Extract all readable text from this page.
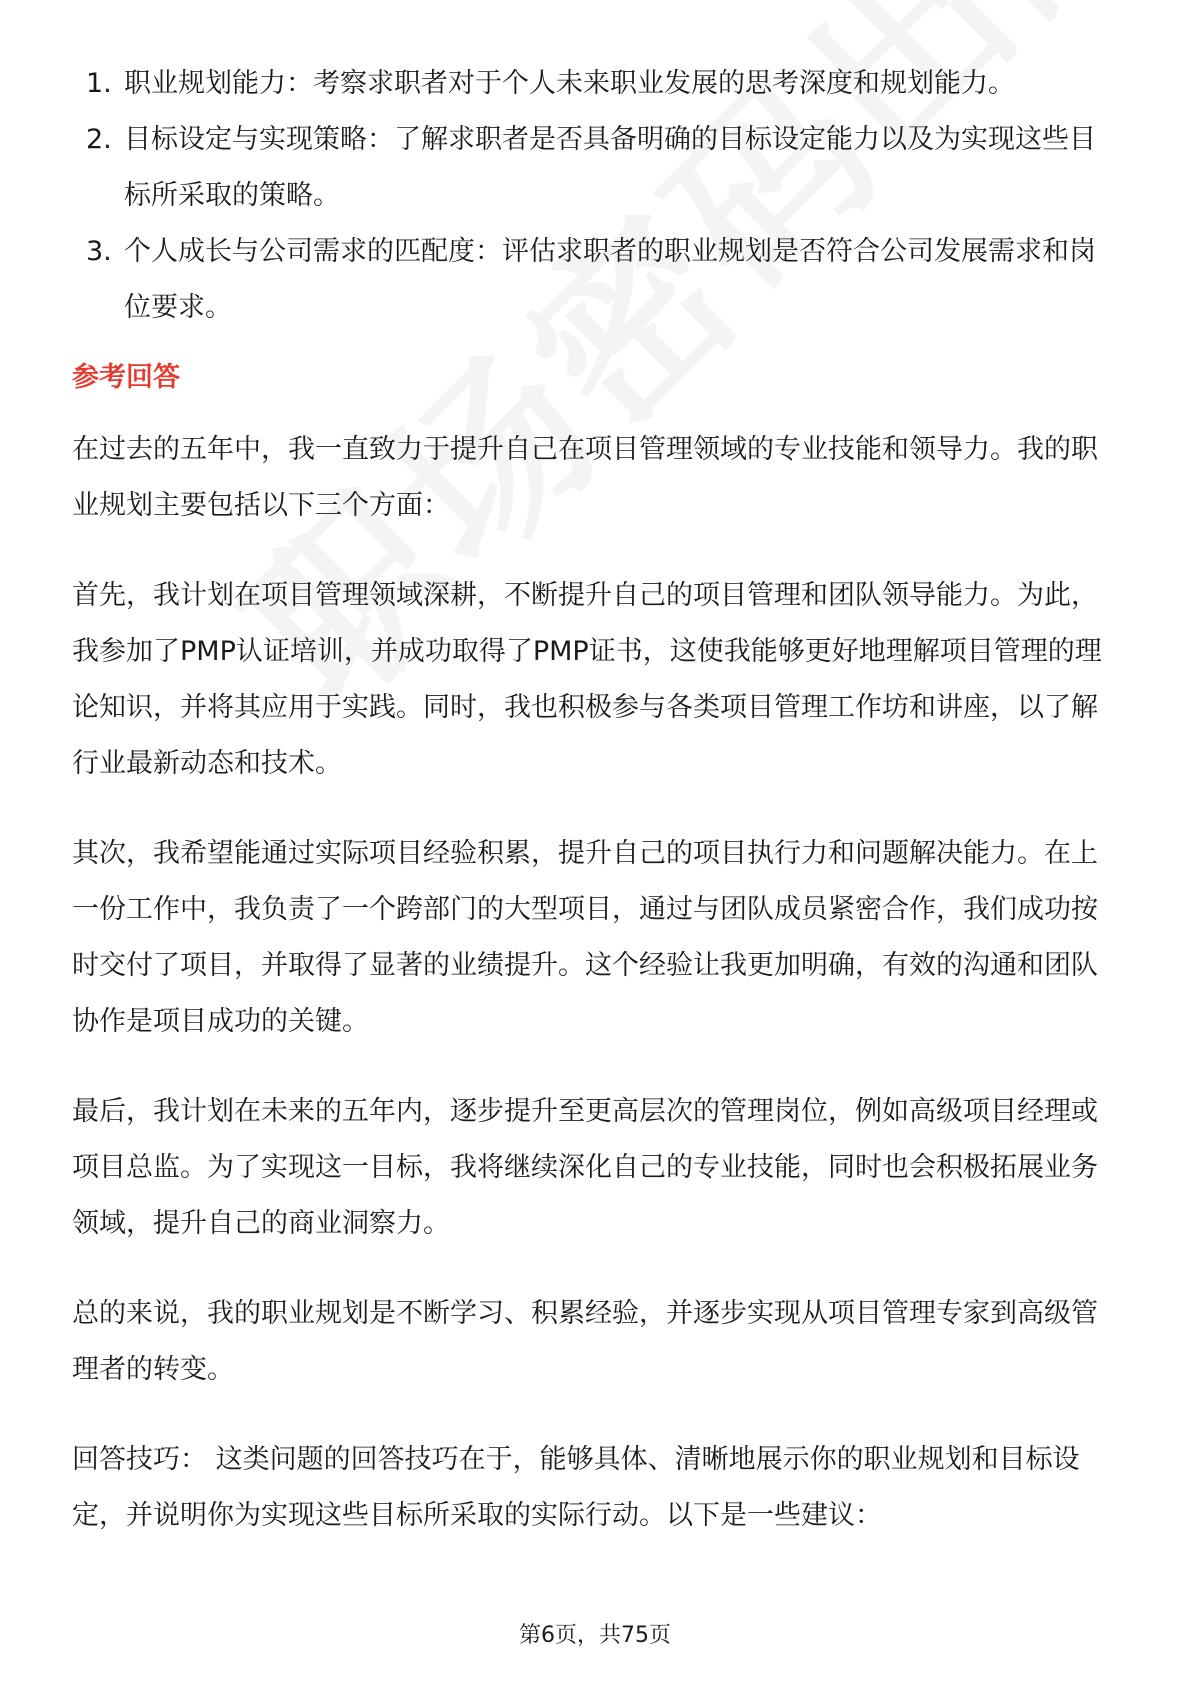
1. 职业规划能力：考察求职者对于个人未来职业发展的思考深度和规划能力。
2. 目标设定与实现策略：了解求职者是否具备明确的目标设定能力以及为实现这些目标所采取的策略。
3. 个人成长与公司需求的匹配度：评估求职者的职业规划是否符合公司发展需求和岗位要求。
参考回答

在过去的五年中，我一直致力于提升自己在项目管理领域的专业技能和领导力。我的职业规划主要包括以下三个方面：

首先，我计划在项目管理领域深耕，不断提升自己的项目管理和团队领导能力。为此，我参加了PMP认证培训，并成功取得了PMP证书，这使我能够更好地理解项目管理的理论知识，并将其应用于实践。同时，我也积极参与各类项目管理工作坊和讲座，以了解行业最新动态和技术。

其次，我希望能通过实际项目经验积累，提升自己的项目执行力和问题解决能力。在上一份工作中，我负责了一个跨部门的大型项目，通过与团队成员紧密合作，我们成功按时交付了项目，并取得了显著的业绩提升。这个经验让我更加明确，有效的沟通和团队协作是项目成功的关键。

最后，我计划在未来的五年内，逐步提升至更高层次的管理岗位，例如高级项目经理或项目总监。为了实现这一目标，我将继续深化自己的专业技能，同时也会积极拓展业务领域，提升自己的商业洞察力。

总的来说，我的职业规划是不断学习、积累经验，并逐步实现从项目管理专家到高级管理者的转变。

回答技巧： 这类问题的回答技巧在于，能够具体、清晰地展示你的职业规划和目标设定，并说明你为实现这些目标所采取的实际行动。以下是一些建议：

第6页，共75页
